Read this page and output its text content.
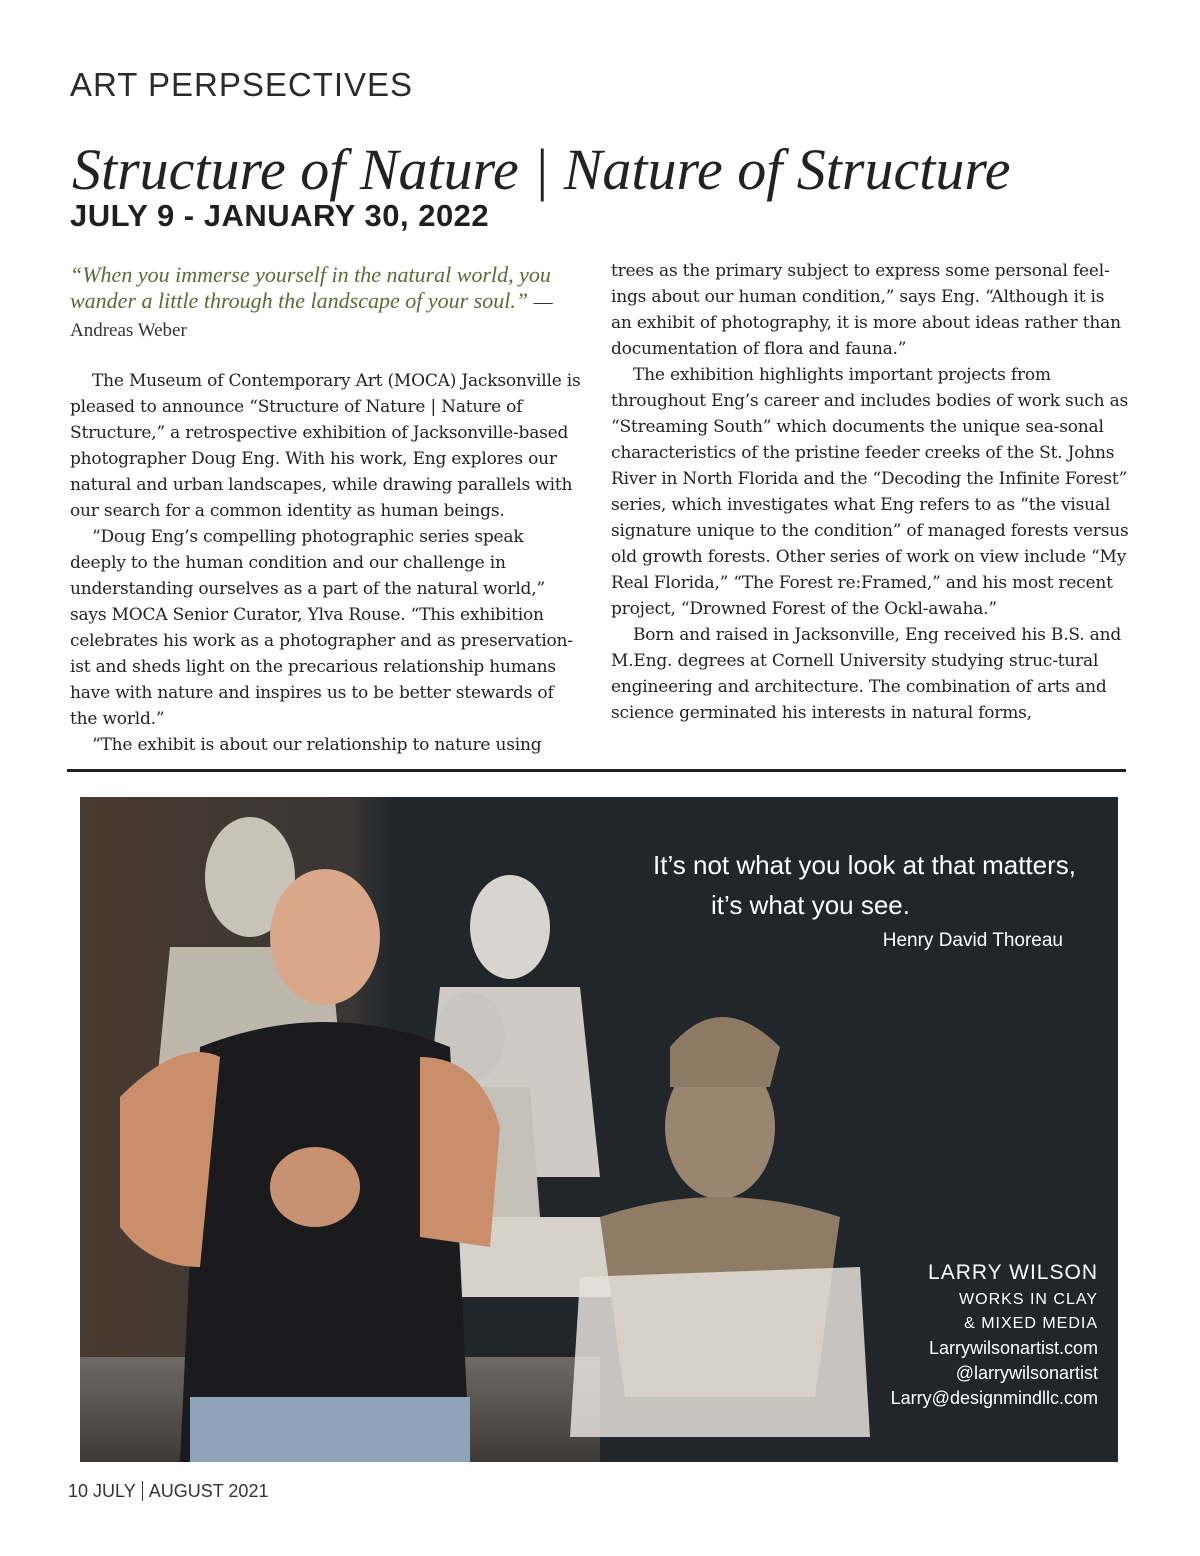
ART PERPSECTIVES
Structure of Nature | Nature of Structure
JULY 9 - JANUARY 30, 2022
“When you immerse yourself in the natural world, you wander a little through the landscape of your soul.” — Andreas Weber

The Museum of Contemporary Art (MOCA) Jacksonville is pleased to announce “Structure of Nature | Nature of Structure,” a retrospective exhibition of Jacksonville-based photographer Doug Eng. With his work, Eng explores our natural and urban landscapes, while drawing parallels with our search for a common identity as human beings.

“Doug Eng’s compelling photographic series speak deeply to the human condition and our challenge in understanding ourselves as a part of the natural world,” says MOCA Senior Curator, Ylva Rouse. “This exhibition celebrates his work as a photographer and as preservation-ist and sheds light on the precarious relationship humans have with nature and inspires us to be better stewards of the world.”

“The exhibit is about our relationship to nature using

trees as the primary subject to express some personal feel-ings about our human condition,” says Eng. “Although it is an exhibit of photography, it is more about ideas rather than documentation of flora and fauna.”

The exhibition highlights important projects from throughout Eng’s career and includes bodies of work such as “Streaming South” which documents the unique sea-sonal characteristics of the pristine feeder creeks of the St. Johns River in North Florida and the “Decoding the Infinite Forest” series, which investigates what Eng refers to as “the visual signature unique to the condition” of managed forests versus old growth forests. Other series of work on view include “My Real Florida,” “The Forest re:Framed,” and his most recent project, “Drowned Forest of the Ockl-awaha.”

Born and raised in Jacksonville, Eng received his B.S. and M.Eng. degrees at Cornell University studying struc-tural engineering and architecture. The combination of arts and science germinated his interests in natural forms,

It’s not what you look at that matters,
it’s what you see.
Henry David Thoreau
LARRY WILSON
WORKS IN CLAY
& MIXED MEDIA
Larrywilsonartist.com
@larrywilsonartist
Larry@designmindllc.com
10 JULY AUGUST 2021
